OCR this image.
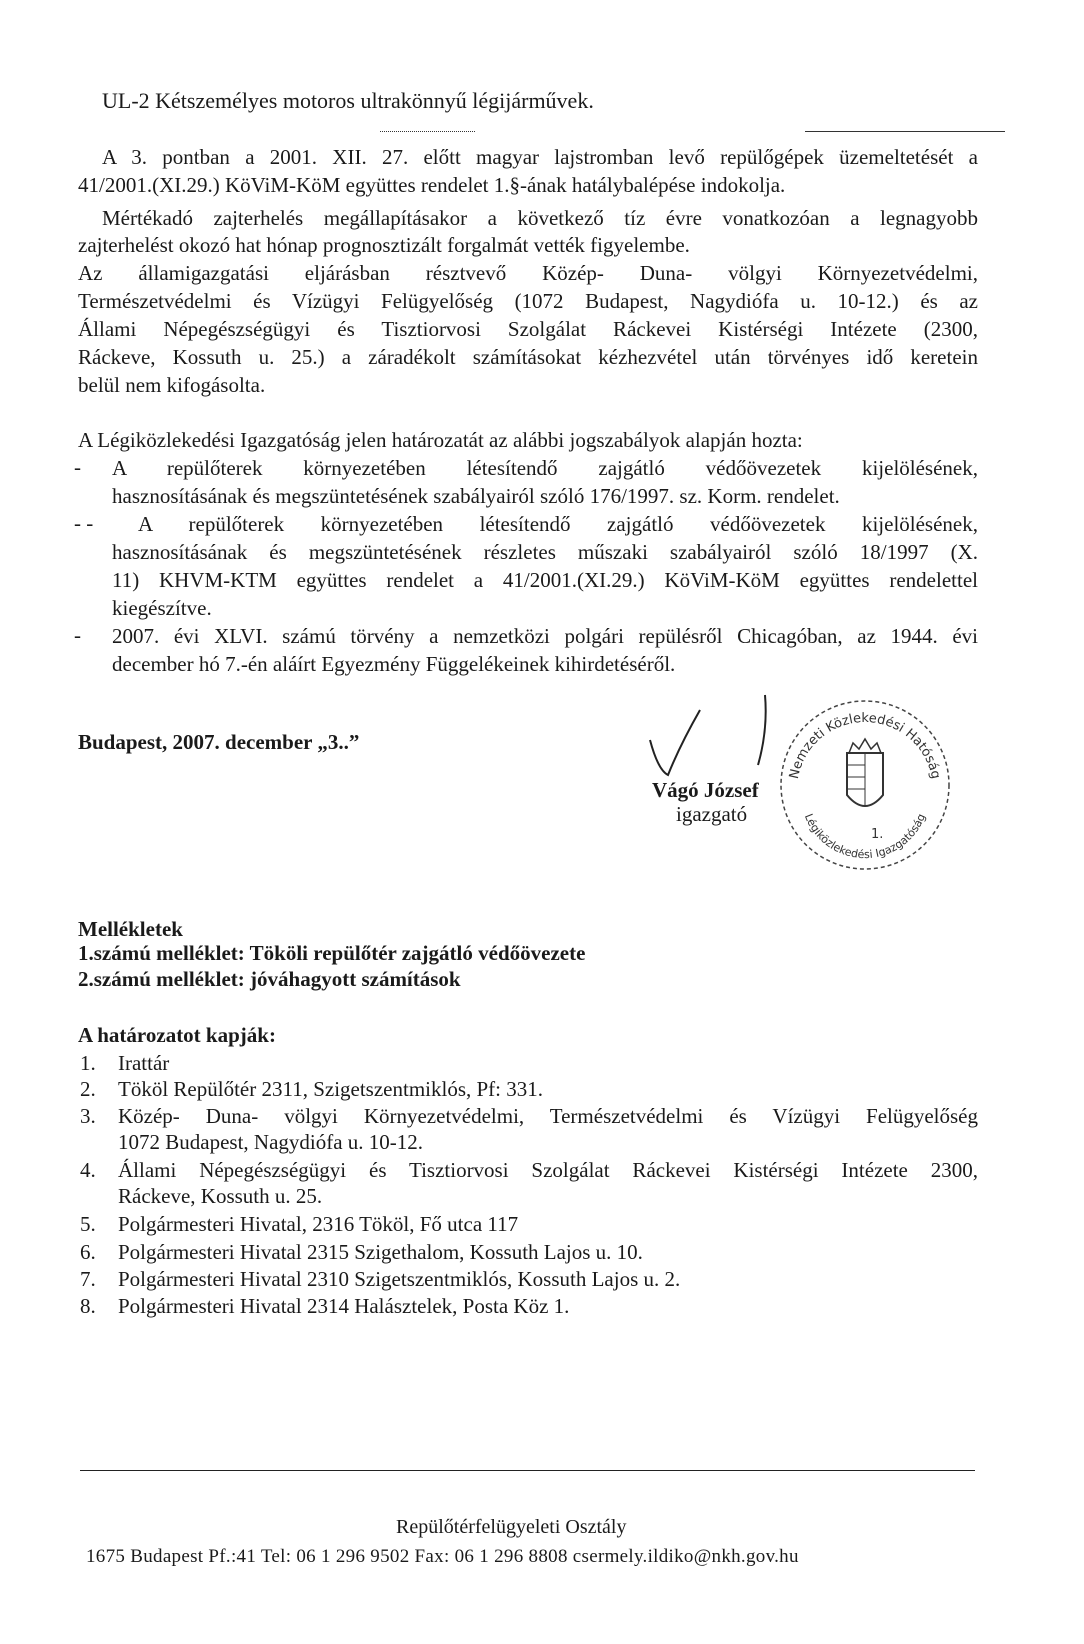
UL-2 Kétszemélyes motoros ultrakönnyű légijárművek.
A 3. pontban a 2001. XII. 27. előtt magyar lajstromban levő repülőgépek üzemeltetését a
41/2001.(XI.29.) KöViM-KöM együttes rendelet 1.§-ának hatálybalépése indokolja.
Mértékadó zajterhelés megállapításakor a következő tíz évre vonatkozóan a legnagyobb
zajterhelést okozó hat hónap prognosztizált forgalmát vették figyelembe.
Az államigazgatási eljárásban résztvevő Közép- Duna- völgyi Környezetvédelmi,
Természetvédelmi és Vízügyi Felügyelőség (1072 Budapest, Nagydiófa u. 10-12.) és az
Állami Népegészségügyi és Tisztiorvosi Szolgálat Ráckevei Kistérségi Intézete (2300,
Ráckeve, Kossuth u. 25.) a záradékolt számításokat kézhezvétel után törvényes idő keretein
belül nem kifogásolta.
A Légiközlekedési Igazgatóság jelen határozatát az alábbi jogszabályok alapján hozta:
- A repülőterek környezetében létesítendő zajgátló védőövezetek kijelölésének,
hasznosításának és megszüntetésének szabályairól szóló 176/1997. sz. Korm. rendelet.
- - A repülőterek környezetében létesítendő zajgátló védőövezetek kijelölésének,
hasznosításának és megszüntetésének részletes műszaki szabályairól szóló 18/1997 (X.
11) KHVM-KTM együttes rendelet a 41/2001.(XI.29.) KöViM-KöM együttes rendelettel
kiegészítve.
- 2007. évi XLVI. számú törvény a nemzetközi polgári repülésről Chicagóban, az 1944. évi
december hó 7.-én aláírt Egyezmény Függelékeinek kihirdetéséről.
Budapest, 2007. december „3..”
Vágó József
igazgató
Nemzeti Közlekedési Hatóság
Légiközlekedési Igazgatóság
1.
Mellékletek
1.számú melléklet: Tököli repülőtér zajgátló védőövezete
2.számú melléklet: jóváhagyott számítások
A határozatot kapják:
1. Irattár
2. Tököl Repülőtér 2311, Szigetszentmiklós, Pf: 331.
3.	Közép- Duna- völgyi Környezetvédelmi, Természetvédelmi és Vízügyi Felügyelőség
1072 Budapest, Nagydiófa u. 10-12.
4.	Állami Népegészségügyi és Tisztiorvosi Szolgálat Ráckevei Kistérségi Intézete 2300,
Ráckeve, Kossuth u. 25.
5. Polgármesteri Hivatal, 2316 Tököl, Fő utca 117
6. Polgármesteri Hivatal 2315 Szigethalom, Kossuth Lajos u. 10.
7. Polgármesteri Hivatal 2310 Szigetszentmiklós, Kossuth Lajos u. 2.
8. Polgármesteri Hivatal 2314 Halásztelek, Posta Köz 1.
Repülőtérfelügyeleti Osztály
1675 Budapest Pf.:41 Tel: 06 1 296 9502 Fax: 06 1 296 8808 csermely.ildiko@nkh.gov.hu
